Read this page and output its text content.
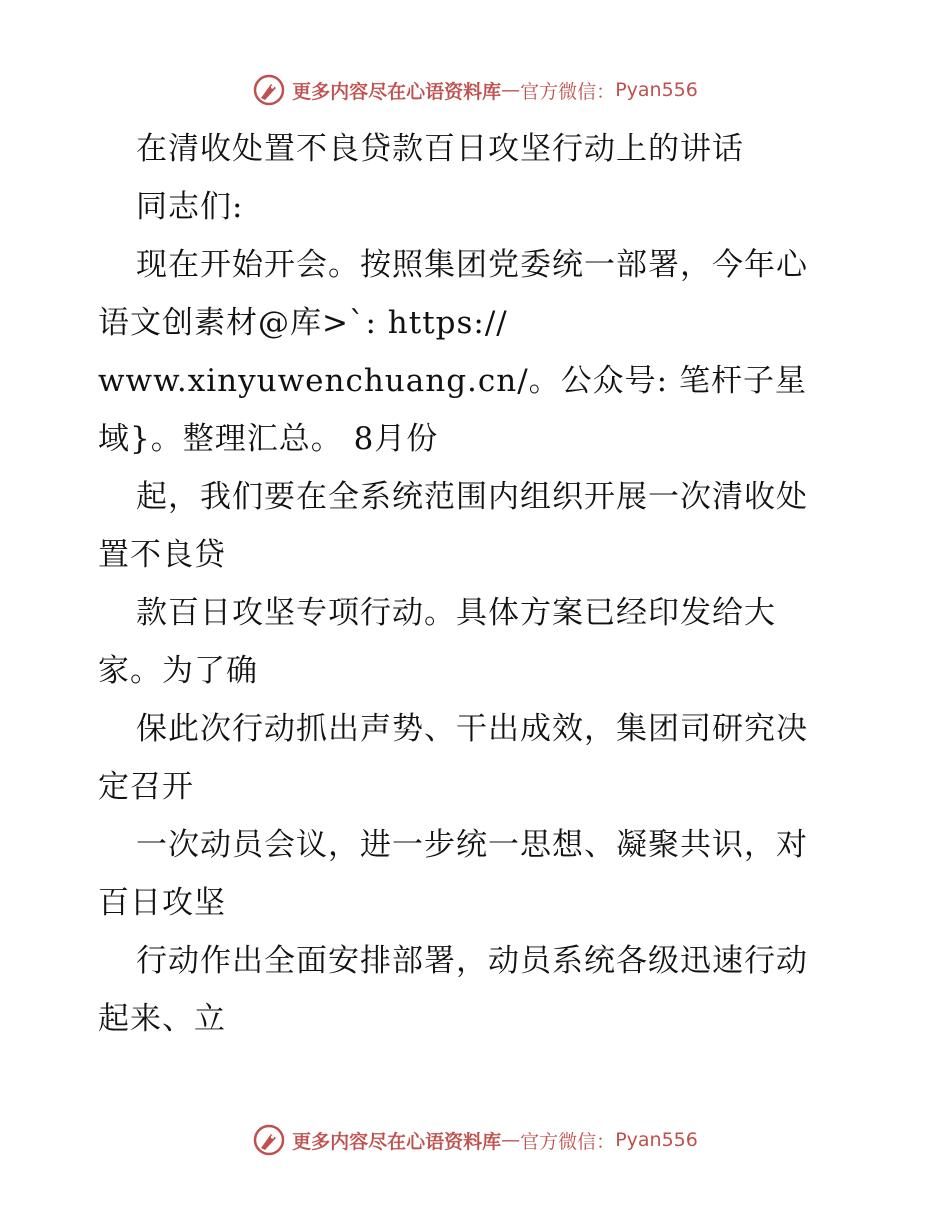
更多内容尽在心语资料库 — 官方微信： Pyan556

在清收处置不良贷款百日攻坚行动上的讲话

同志们:

现在开始开会。按照集团党委统一部署，今年心

语文创素材@库>`: https://

www.xinyuwenchuang.cn/。公众号: 笔杆子星

域}。整理汇总。 8月份

起，我们要在全系统范围内组织开展一次清收处

置不良贷

款百日攻坚专项行动。具体方案已经印发给大

家。为了确

保此次行动抓出声势、干出成效，集团司研究决

定召开

一次动员会议，进一步统一思想、凝聚共识，对

百日攻坚

行动作出全面安排部署，动员系统各级迅速行动

起来、立

更多内容尽在心语资料库 — 官方微信： Pyan556
